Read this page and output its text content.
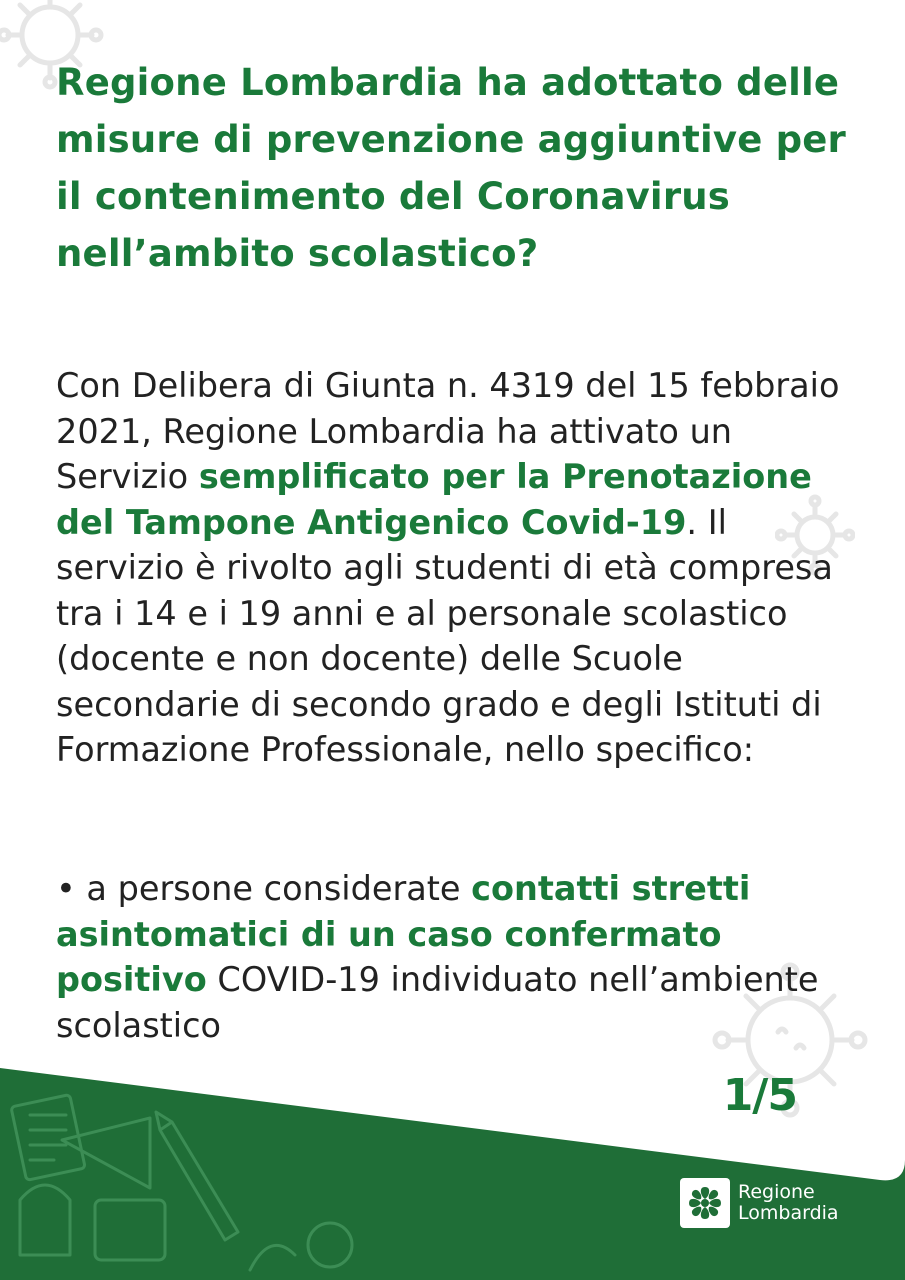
Regione Lombardia ha adottato delle misure di prevenzione aggiuntive per il contenimento del Coronavirus nell’ambito scolastico?

Con Delibera di Giunta n. 4319 del 15 febbraio 2021, Regione Lombardia ha attivato un Servizio semplificato per la Prenotazione del Tampone Antigenico Covid-19. Il servizio è rivolto agli studenti di età compresa tra i 14 e i 19 anni e al personale scolastico (docente e non docente) delle Scuole secondarie di secondo grado e degli Istituti di Formazione Professionale, nello specifico:

• a persone considerate contatti stretti asintomatici di un caso confermato positivo COVID-19 individuato nell’ambiente scolastico

1/5
Regione
Lombardia
